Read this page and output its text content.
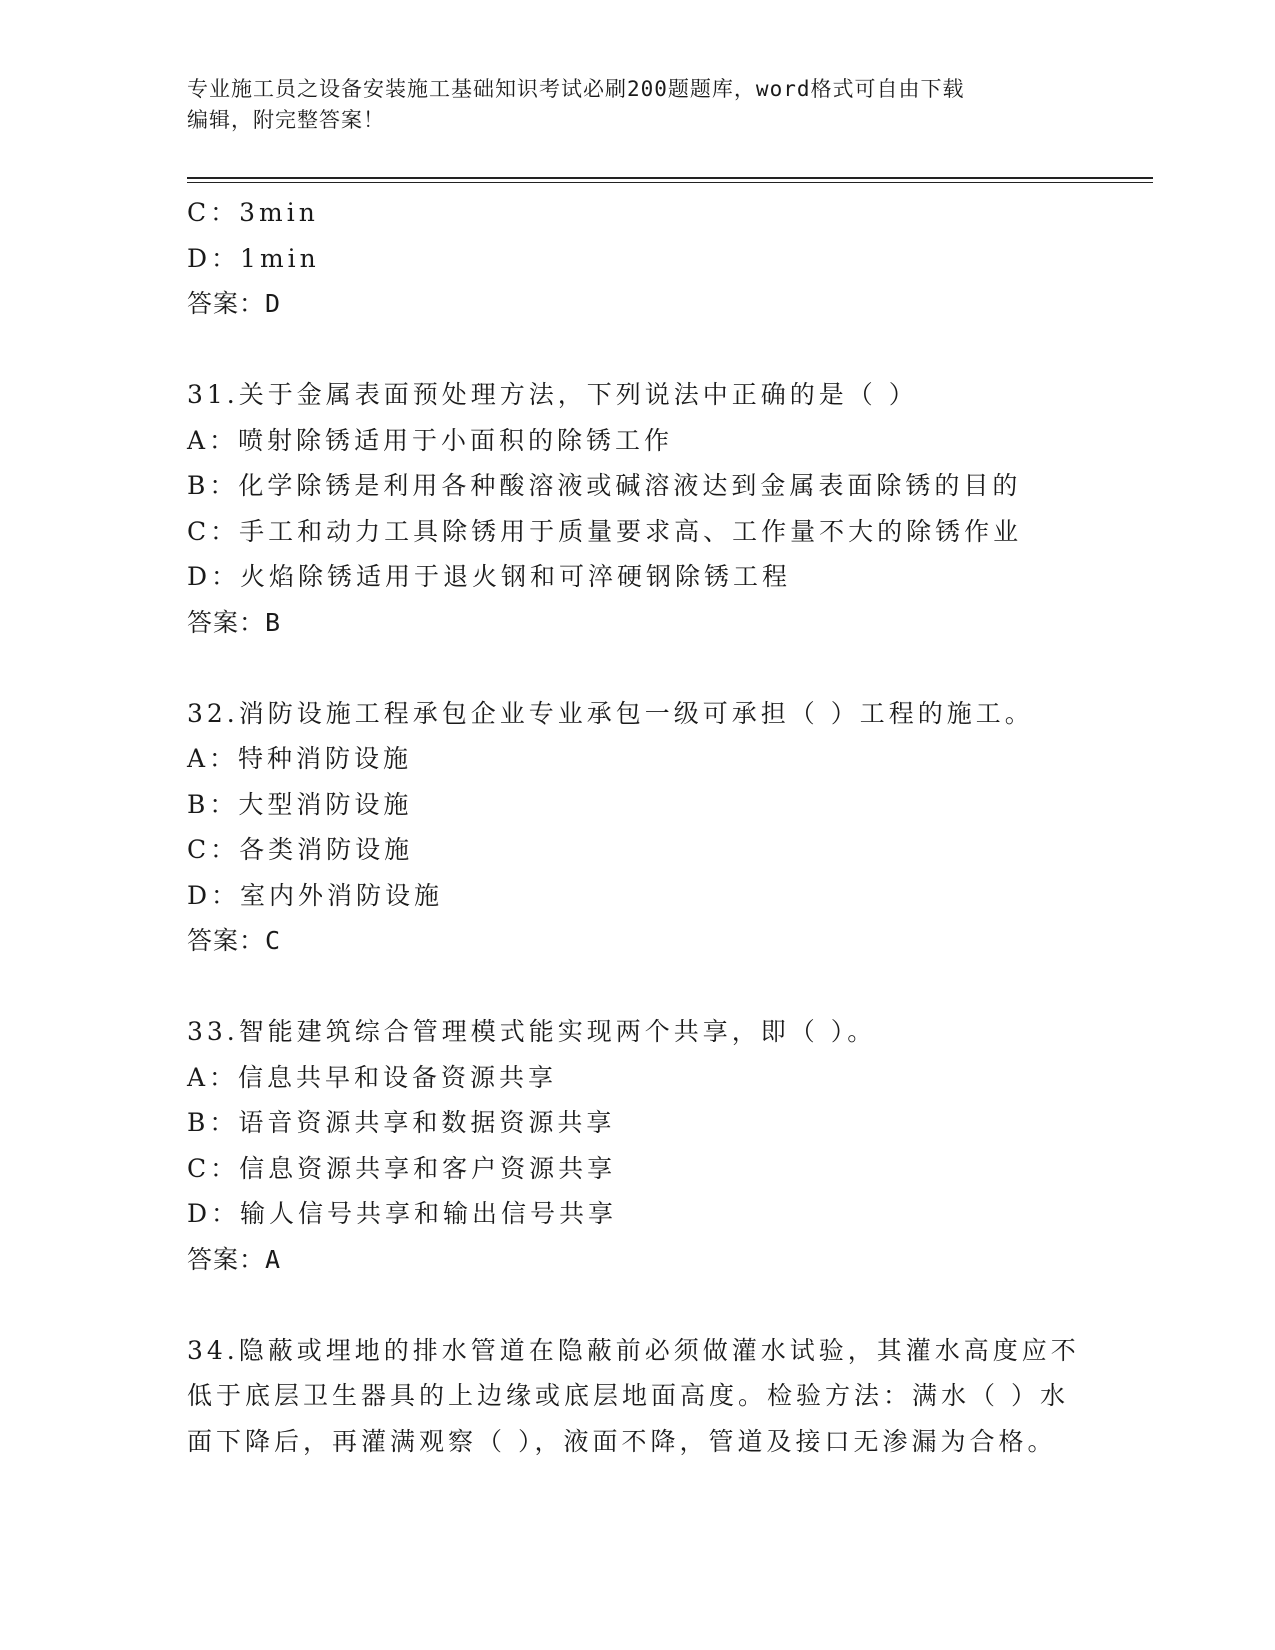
专业施工员之设备安装施工基础知识考试必刷200题题库，word格式可自由下载
编辑，附完整答案！
C：3min
D：1min
答案：D
31.关于金属表面预处理方法，下列说法中正确的是（ ）
A：喷射除锈适用于小面积的除锈工作
B：化学除锈是利用各种酸溶液或碱溶液达到金属表面除锈的目的
C：手工和动力工具除锈用于质量要求高、工作量不大的除锈作业
D：火焰除锈适用于退火钢和可淬硬钢除锈工程
答案：B
32.消防设施工程承包企业专业承包一级可承担（ ）工程的施工。
A：特种消防设施
B：大型消防设施
C：各类消防设施
D：室内外消防设施
答案：C
33.智能建筑综合管理模式能实现两个共享，即（ ）。
A：信息共早和设备资源共享
B：语音资源共享和数据资源共享
C：信息资源共享和客户资源共享
D：输人信号共享和输出信号共享
答案：A
34.隐蔽或埋地的排水管道在隐蔽前必须做灌水试验，其灌水高度应不
低于底层卫生器具的上边缘或底层地面高度。检验方法：满水（ ）水
面下降后，再灌满观察（ ），液面不降，管道及接口无渗漏为合格。
